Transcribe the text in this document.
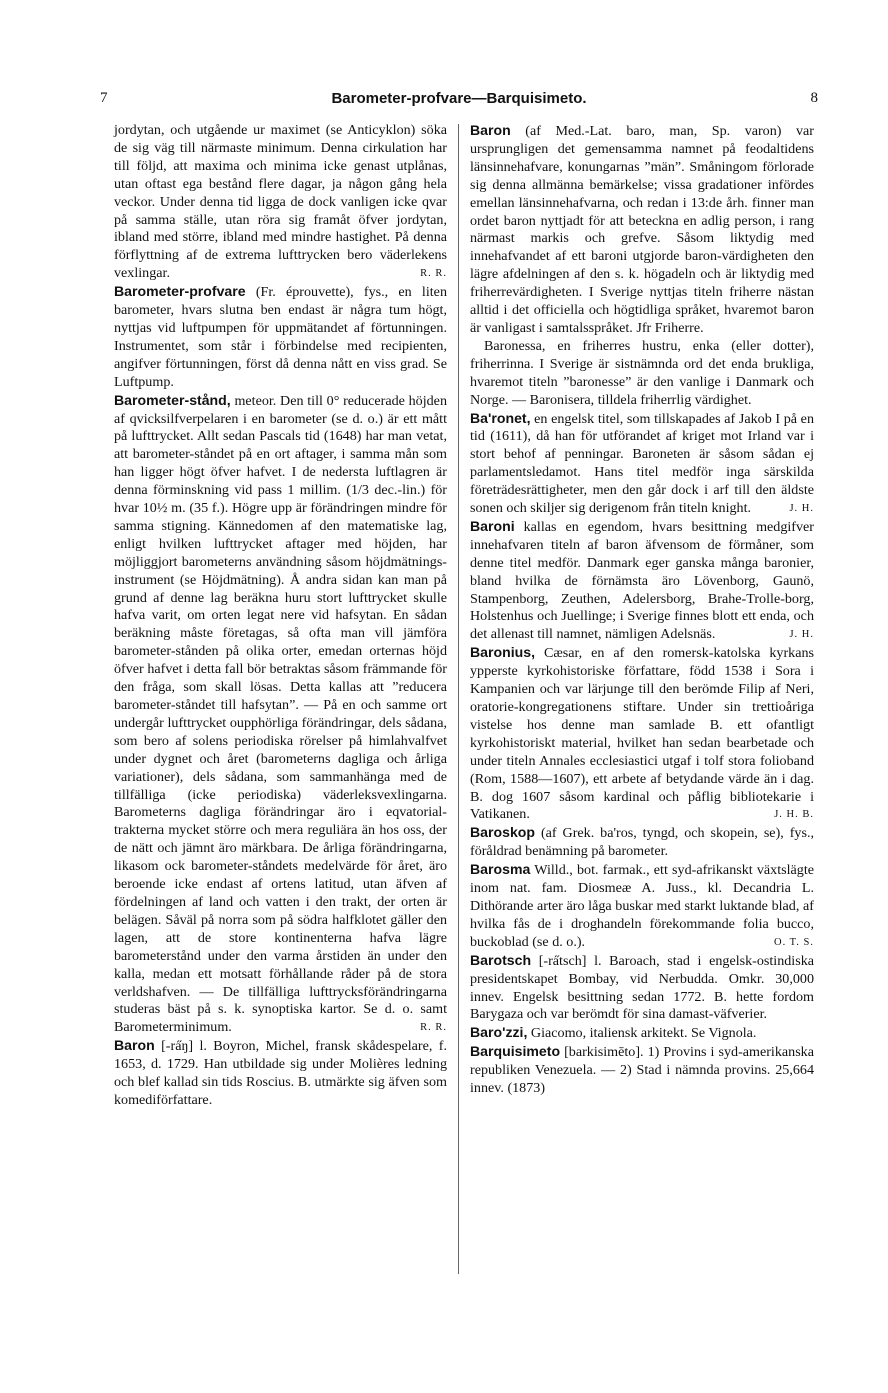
7	Barometer-profvare—Barquisimeto.	8

jordytan, och utgående ur maximet (se Anticyklon) söka de sig väg till närmaste minimum. Denna cirkulation har till följd, att maxima och minima icke genast utplånas, utan oftast ega bestånd flere dagar, ja någon gång hela veckor. Under denna tid ligga de dock vanligen icke qvar på samma ställe, utan röra sig framåt öfver jordytan, ibland med större, ibland med mindre hastighet. På denna förflyttning af de extrema lufttrycken bero väderlekens vexlingar.	R. R.

Barometer-profvare (Fr. éprouvette), fys., en liten barometer, hvars slutna ben endast är några tum högt, nyttjas vid luftpumpen för uppmätandet af förtunningen. Instrumentet, som står i förbindelse med recipienten, angifver förtunningen, först då denna nått en viss grad. Se Luftpump.

Barometer-stånd, meteor. Den till 0° reducerade höjden af qvicksilfverpelaren i en barometer (se d. o.) är ett mått på lufttrycket. Allt sedan Pascals tid (1648) har man vetat, att barometer-ståndet på en ort aftager, i samma mån som han ligger högt öfver hafvet. I de nedersta luftlagren är denna förminskning vid pass 1 millim. (1/3 dec.-lin.) för hvar 10½ m. (35 f.). Högre upp är förändringen mindre för samma stigning. Kännedomen af den matematiske lag, enligt hvilken lufttrycket aftager med höjden, har möjliggjort barometerns användning såsom höjdmätnings-instrument (se Höjdmätning). Å andra sidan kan man på grund af denne lag beräkna huru stort lufttrycket skulle hafva varit, om orten legat nere vid hafsytan. En sådan beräkning måste företagas, så ofta man vill jämföra barometer-stånden på olika orter, emedan orternas höjd öfver hafvet i detta fall bör betraktas såsom främmande för den fråga, som skall lösas. Detta kallas att ”reducera barometer-ståndet till hafsytan”. — På en och samme ort undergår lufttrycket oupphörliga förändringar, dels sådana, som bero af solens periodiska rörelser på himlahvalfvet under dygnet och året (barometerns dagliga och årliga variationer), dels sådana, som sammanhänga med de tillfälliga (icke periodiska) väderleksvexlingarna. Barometerns dagliga förändringar äro i eqvatorial-trakterna mycket större och mera reguliära än hos oss, der de nätt och jämnt äro märkbara. De årliga förändringarna, likasom ock barometer-ståndets medelvärde för året, äro beroende icke endast af ortens latitud, utan äfven af fördelningen af land och vatten i den trakt, der orten är belägen. Såväl på norra som på södra halfklotet gäller den lagen, att de store kontinenterna hafva lägre barometerstånd under den varma årstiden än under den kalla, medan ett motsatt förhållande råder på de stora verldshafven. — De tillfälliga lufttrycksförändringarna studeras bäst på s. k. synoptiska kartor. Se d. o. samt Barometerminimum.	R. R.

Baron [-ra̋ŋ] l. Boyron, Michel, fransk skådespelare, f. 1653, d. 1729. Han utbildade sig under Molières ledning och blef kallad sin tids Roscius. B. utmärkte sig äfven som komediförfattare.

Baron (af Med.-Lat. baro, man, Sp. varon) var ursprungligen det gemensamma namnet på feodaltidens länsinnehafvare, konungarnas ”män”. Småningom förlorade sig denna allmänna bemärkelse; vissa gradationer infördes emellan länsinnehafvarna, och redan i 13:de årh. finner man ordet baron nyttjadt för att beteckna en adlig person, i rang närmast markis och grefve. Såsom liktydig med innehafvandet af ett baroni utgjorde baron-värdigheten den lägre afdelningen af den s. k. högadeln och är liktydig med friherrevärdigheten. I Sverige nyttjas titeln friherre nästan alltid i det officiella och högtidliga språket, hvaremot baron är vanligast i samtalsspråket. Jfr Friherre.

Baronessa, en friherres hustru, enka (eller dotter), friherrinna. I Sverige är sistnämnda ord det enda brukliga, hvaremot titeln ”baronesse” är den vanlige i Danmark och Norge. — Baronisera, tilldela friherrlig värdighet.

Ba'ronet, en engelsk titel, som tillskapades af Jakob I på en tid (1611), då han för utförandet af kriget mot Irland var i stort behof af penningar. Baroneten är såsom sådan ej parlamentsledamot. Hans titel medför inga särskilda företrädesrättigheter, men den går dock i arf till den äldste sonen och skiljer sig derigenom från titeln knight.	J. H.

Baroni kallas en egendom, hvars besittning medgifver innehafvaren titeln af baron äfvensom de förmåner, som denne titel medför. Danmark eger ganska många baronier, bland hvilka de förnämsta äro Lövenborg, Gaunö, Stampenborg, Zeuthen, Adelersborg, Brahe-Trolle-borg, Holstenhus och Juellinge; i Sverige finnes blott ett enda, och det allenast till namnet, nämligen Adelsnäs.	J. H.

Baronius, Cæsar, en af den romersk-katolska kyrkans ypperste kyrkohistoriske författare, född 1538 i Sora i Kampanien och var lärjunge till den berömde Filip af Neri, oratorie-kongregationens stiftare. Under sin trettioåriga vistelse hos denne man samlade B. ett ofantligt kyrkohistoriskt material, hvilket han sedan bearbetade och under titeln Annales ecclesiastici utgaf i tolf stora folioband (Rom, 1588—1607), ett arbete af betydande värde än i dag. B. dog 1607 såsom kardinal och påflig bibliotekarie i Vatikanen.	J. H. B.

Baroskop (af Grek. ba'ros, tyngd, och skopein, se), fys., föråldrad benämning på barometer.

Barosma Willd., bot. farmak., ett syd-afrikanskt växtslägte inom nat. fam. Diosmeæ A. Juss., kl. Decandria L. Dithörande arter äro låga buskar med starkt luktande blad, af hvilka fås de i droghandeln förekommande folia bucco, buckoblad (se d. o.).	O. T. S.

Barotsch [-ra̋tsch] l. Baroach, stad i engelsk-ostindiska presidentskapet Bombay, vid Nerbudda. Omkr. 30,000 innev. Engelsk besittning sedan 1772. B. hette fordom Barygaza och var berömdt för sina damast-väfverier.

Baro'zzi, Giacomo, italiensk arkitekt. Se Vignola.

Barquisimeto [barkisimēto]. 1) Provins i syd-amerikanska republiken Venezuela. — 2) Stad i nämnda provins. 25,664 innev. (1873)
